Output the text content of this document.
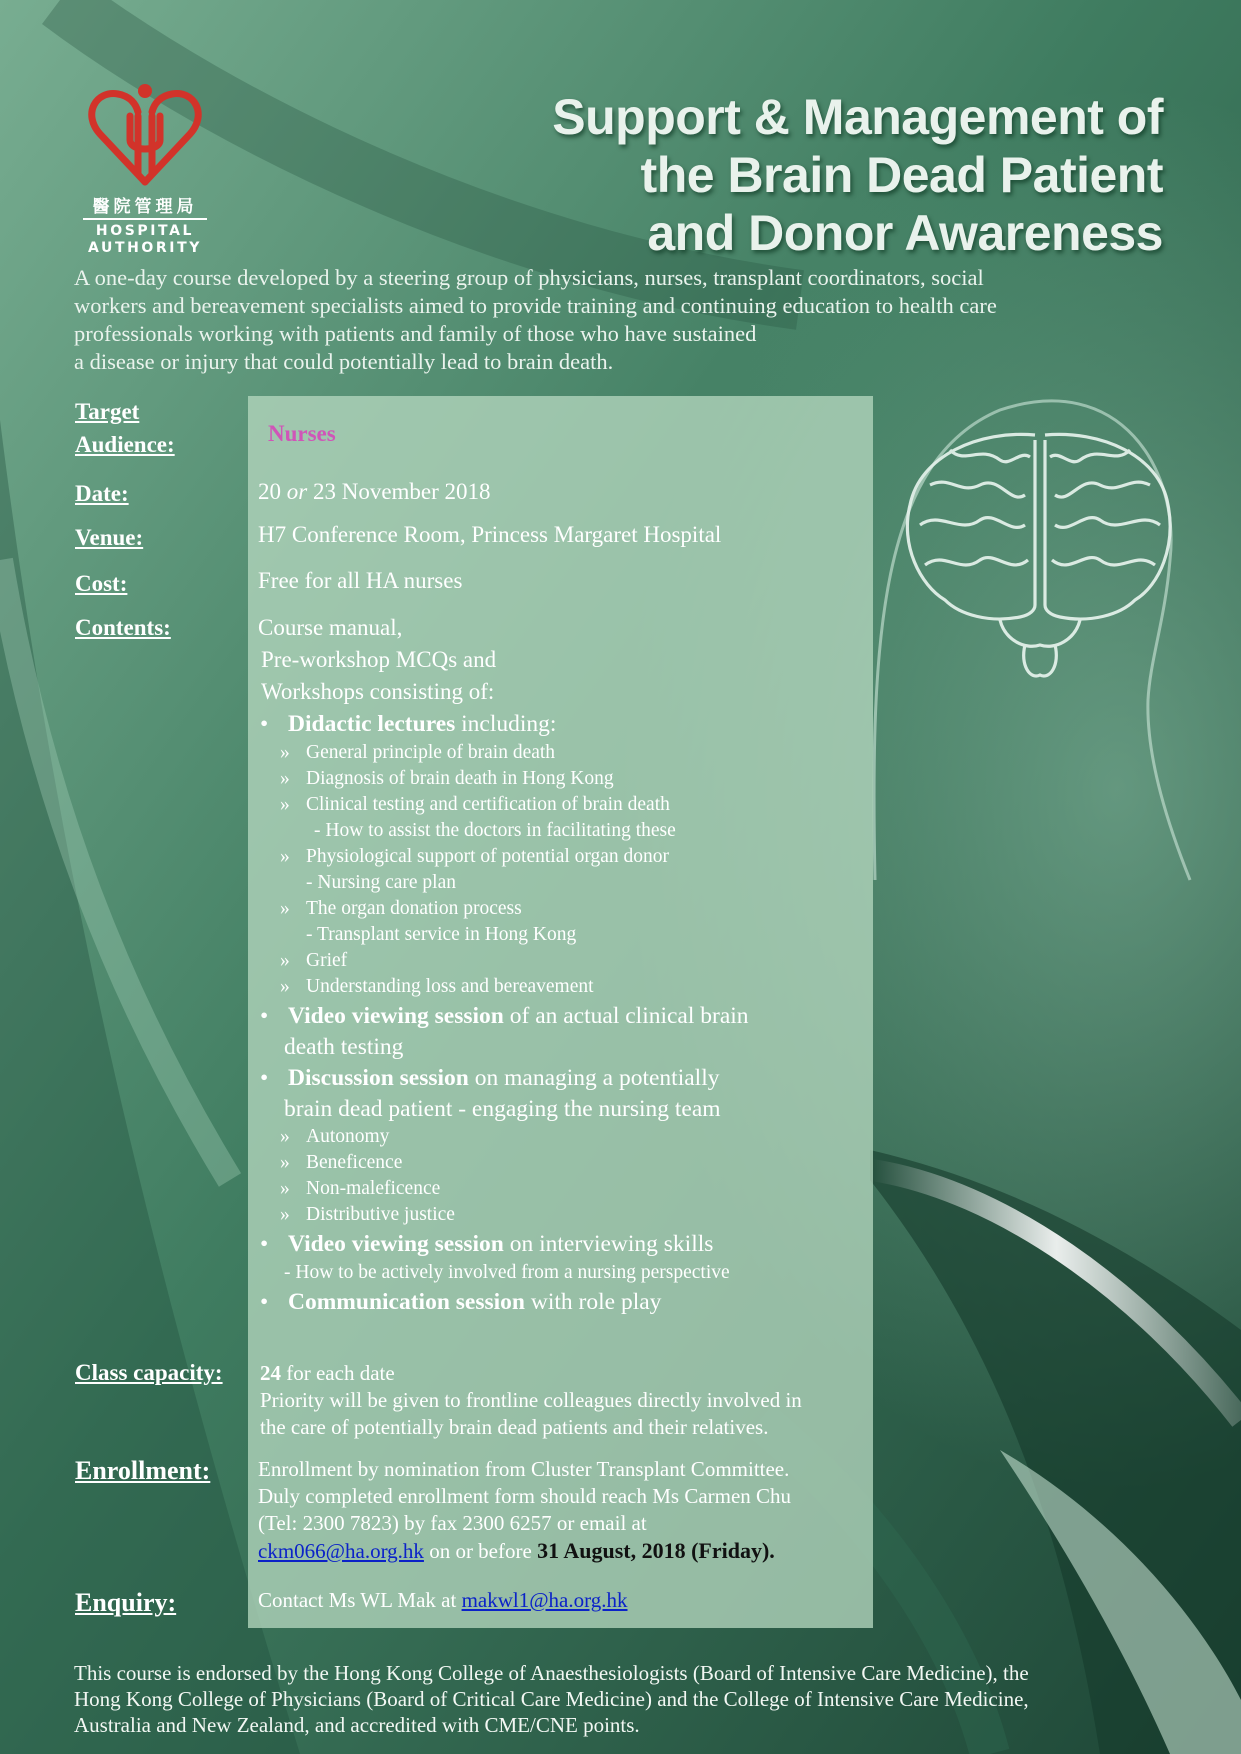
醫院管理局
HOSPITAL
AUTHORITY
Support & Management of
the Brain Dead Patient
and Donor Awareness
A one-day course developed by a steering group of physicians, nurses, transplant coordinators, social
workers and bereavement specialists aimed to provide training and continuing education to health care
professionals working with patients and family of those who have sustained
a disease or injury that could potentially lead to brain death.
Target
Audience:
Date:
Venue:
Cost:
Contents:
Class capacity:
Enrollment:
Enquiry:
Nurses
20 or 23 November 2018
H7 Conference Room, Princess Margaret Hospital
Free for all HA nurses
Course manual,
Pre-workshop MCQs and
Workshops consisting of:
• Didactic lectures including:
» General principle of brain death
» Diagnosis of brain death in Hong Kong
» Clinical testing and certification of brain death
- How to assist the doctors in facilitating these
» Physiological support of potential organ donor
- Nursing care plan
» The organ donation process
- Transplant service in Hong Kong
» Grief
» Understanding loss and bereavement
• Video viewing session of an actual clinical brain
death testing
• Discussion session on managing a potentially
brain dead patient - engaging the nursing team
» Autonomy
» Beneficence
» Non-maleficence
» Distributive justice
• Video viewing session on interviewing skills
- How to be actively involved from a nursing perspective
• Communication session with role play
24 for each date
Priority will be given to frontline colleagues directly involved in
the care of potentially brain dead patients and their relatives.
Enrollment by nomination from Cluster Transplant Committee.
Duly completed enrollment form should reach Ms Carmen Chu
(Tel: 2300 7823) by fax 2300 6257 or email at
ckm066@ha.org.hk on or before 31 August, 2018 (Friday).
Contact Ms WL Mak at makwl1@ha.org.hk
This course is endorsed by the Hong Kong College of Anaesthesiologists (Board of Intensive Care Medicine), the
Hong Kong College of Physicians (Board of Critical Care Medicine) and the College of Intensive Care Medicine,
Australia and New Zealand, and accredited with CME/CNE points.
